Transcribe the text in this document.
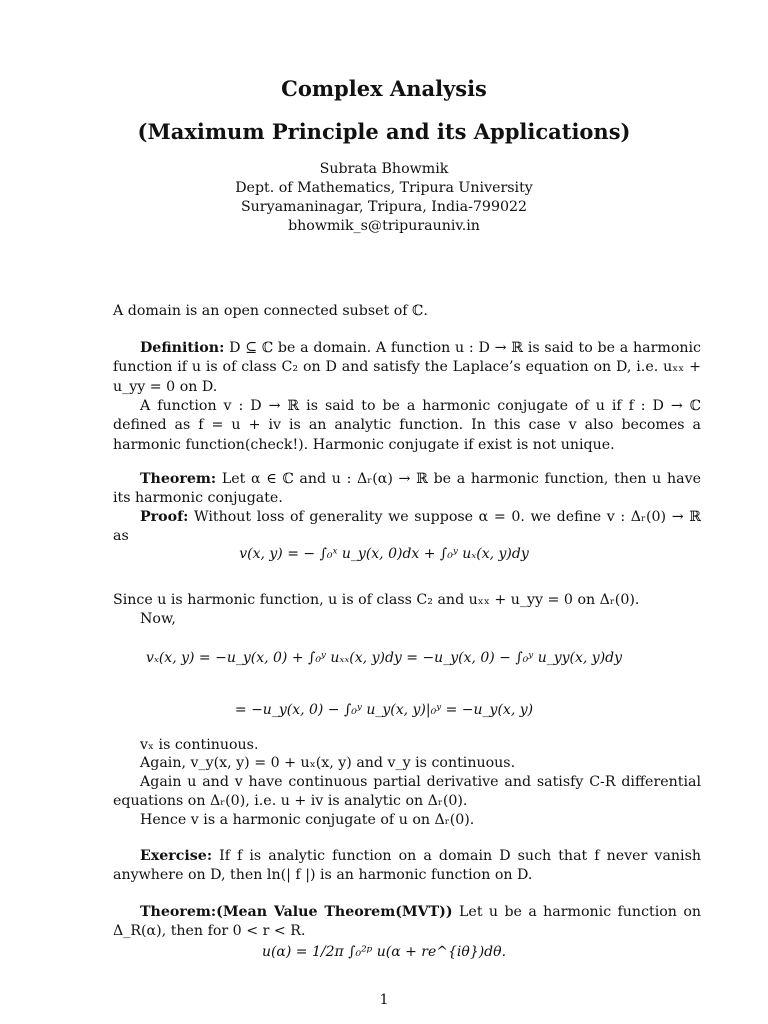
Complex Analysis
(Maximum Principle and its Applications)
Subrata Bhowmik
Dept. of Mathematics, Tripura University
Suryamaninagar, Tripura, India-799022
bhowmik_s@tripurauniv.in
A domain is an open connected subset of ℂ.
Definition: D ⊆ ℂ be a domain. A function u : D → ℝ is said to be a harmonic function if u is of class C₂ on D and satisfy the Laplace’s equation on D, i.e. uₓₓ + u_yy = 0 on D.
A function v : D → ℝ is said to be a harmonic conjugate of u if f : D → ℂ defined as f = u + iv is an analytic function. In this case v also becomes a harmonic function(check!). Harmonic conjugate if exist is not unique.
Theorem: Let α ∈ ℂ and u : Δᵣ(α) → ℝ be a harmonic function, then u have its harmonic conjugate.
Proof: Without loss of generality we suppose α = 0. we define v : Δᵣ(0) → ℝ as
v(x, y) = − ∫₀ˣ u_y(x, 0)dx + ∫₀ʸ uₓ(x, y)dy
Since u is harmonic function, u is of class C₂ and uₓₓ + u_yy = 0 on Δᵣ(0).
Now,
vₓ(x, y) = −u_y(x, 0) + ∫₀ʸ uₓₓ(x, y)dy = −u_y(x, 0) − ∫₀ʸ u_yy(x, y)dy
= −u_y(x, 0) − ∫₀ʸ u_y(x, y)|₀ʸ = −u_y(x, y)
vₓ is continuous.
Again, v_y(x, y) = 0 + uₓ(x, y) and v_y is continuous.
Again u and v have continuous partial derivative and satisfy C-R differential equations on Δᵣ(0), i.e. u + iv is analytic on Δᵣ(0).
Hence v is a harmonic conjugate of u on Δᵣ(0).
Exercise: If f is analytic function on a domain D such that f never vanish anywhere on D, then ln(| f |) is an harmonic function on D.
Theorem:(Mean Value Theorem(MVT)) Let u be a harmonic function on Δ_R(α), then for 0 < r < R.
u(α) = 1/2π ∫₀²ᵖ u(α + re^{iθ})dθ.
1
